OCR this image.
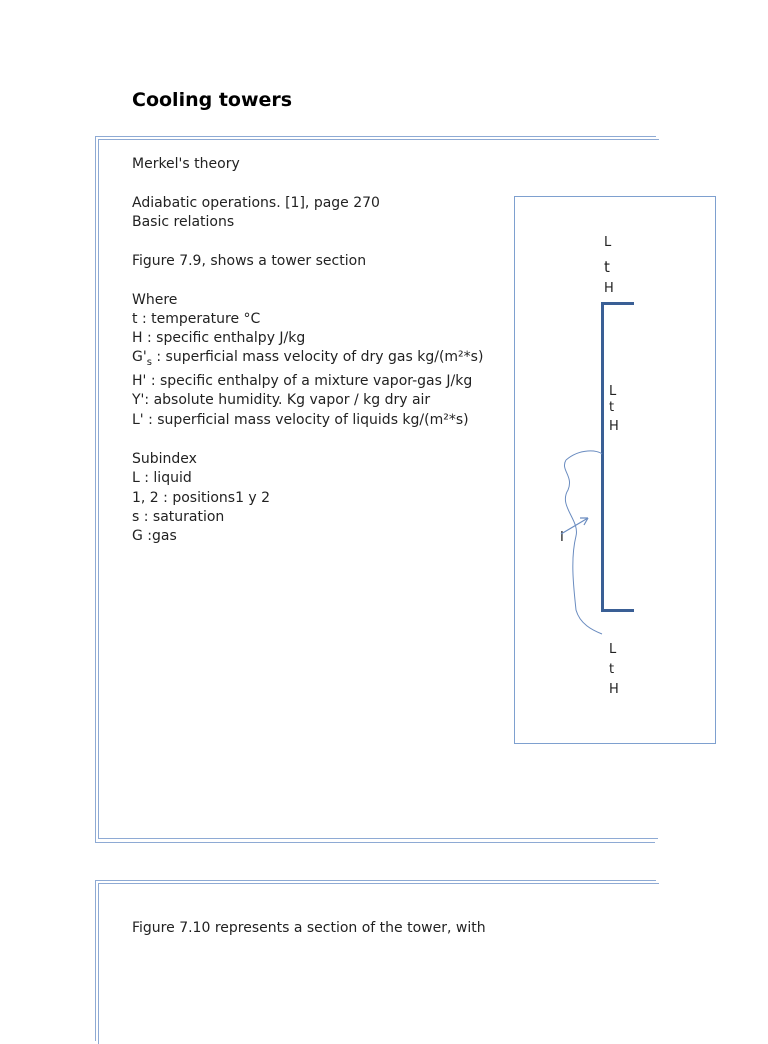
Cooling towers
Merkel's theory
Adiabatic operations. [1], page 270
Basic relations
Figure 7.9, shows a tower section
Where
t : temperature °C
H : specific enthalpy J/kg
$G'_s$ : superficial mass velocity of dry gas kg/(m²*s)
H' : specific enthalpy of a mixture vapor-gas J/kg
Y': absolute humidity. Kg vapor / kg dry air
L' : superficial mass velocity of liquids kg/(m²*s)
Subindex
L : liquid
1, 2 : positions1 y 2
s : saturation
G :gas
L
t
H
L
t
H
L
t
H
I
Figure 7.10 represents a section of the tower, with
